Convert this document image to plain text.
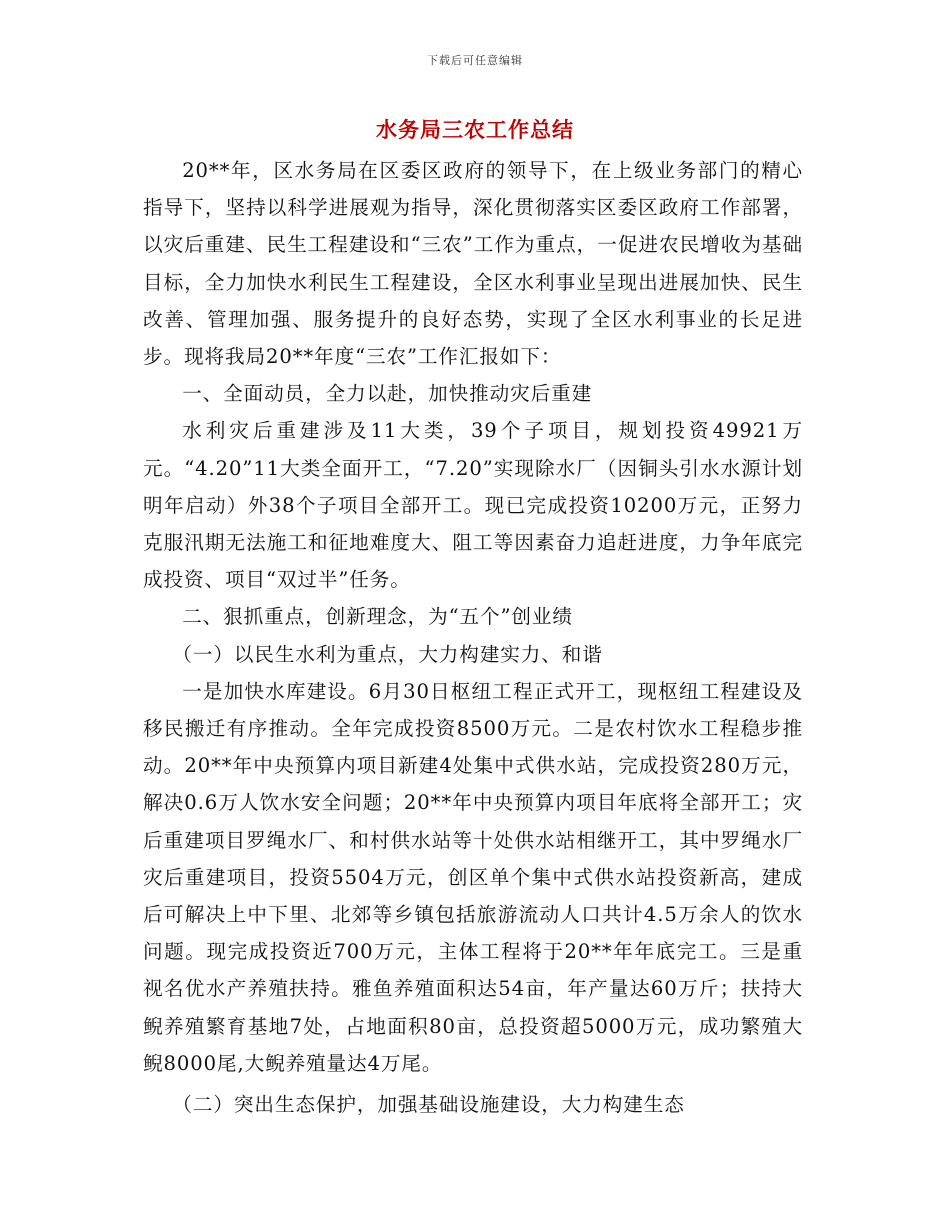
下载后可任意编辑
水务局三农工作总结

20**年，区水务局在区委区政府的领导下，在上级业务部门的精心指导下，坚持以科学进展观为指导，深化贯彻落实区委区政府工作部署，以灾后重建、民生工程建设和“三农”工作为重点，一促进农民增收为基础目标，全力加快水利民生工程建设，全区水利事业呈现出进展加快、民生改善、管理加强、服务提升的良好态势，实现了全区水利事业的长足进步。现将我局20**年度“三农”工作汇报如下：

一、全面动员，全力以赴，加快推动灾后重建

水利灾后重建涉及11大类，39个子项目，规划投资49921万元。“4.20”11大类全面开工，“7.20”实现除水厂（因铜头引水水源计划明年启动）外38个子项目全部开工。现已完成投资10200万元，正努力克服汛期无法施工和征地难度大、阻工等因素奋力追赶进度，力争年底完成投资、项目“双过半”任务。

二、狠抓重点，创新理念，为“五个”创业绩

（一）以民生水利为重点，大力构建实力、和谐

一是加快水库建设。6月30日枢纽工程正式开工，现枢纽工程建设及移民搬迁有序推动。全年完成投资8500万元。二是农村饮水工程稳步推动。20**年中央预算内项目新建4处集中式供水站，完成投资280万元，解决0.6万人饮水安全问题；20**年中央预算内项目年底将全部开工；灾后重建项目罗绳水厂、和村供水站等十处供水站相继开工，其中罗绳水厂灾后重建项目，投资5504万元，创区单个集中式供水站投资新高，建成后可解决上中下里、北郊等乡镇包括旅游流动人口共计4.5万余人的饮水问题。现完成投资近700万元，主体工程将于20**年年底完工。三是重视名优水产养殖扶持。雅鱼养殖面积达54亩，年产量达60万斤；扶持大鲵养殖繁育基地7处，占地面积80亩，总投资超5000万元，成功繁殖大鲵8000尾,大鲵养殖量达4万尾。

（二）突出生态保护，加强基础设施建设，大力构建生态
